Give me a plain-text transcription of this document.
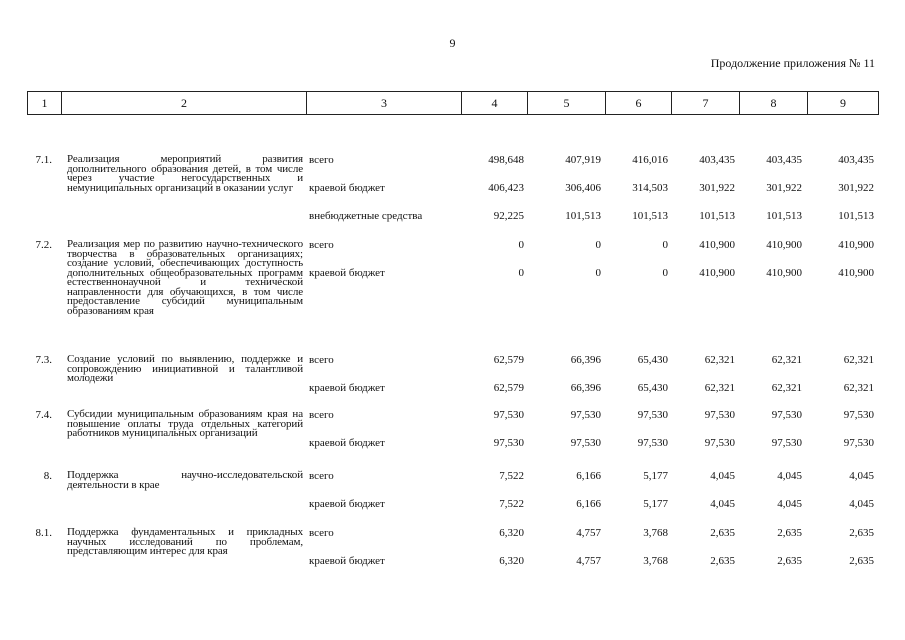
9
Продолжение приложения № 11
1	2	3	4	5	6	7	8	9
7.1. Реализация мероприятий развития дополнительного образования детей, в том числе через участие негосударственных и немуниципальных организаций в оказании услуг
всего	498,648	407,919	416,016	403,435	403,435	403,435
краевой бюджет	406,423	306,406	314,503	301,922	301,922	301,922
внебюджетные средства	92,225	101,513	101,513	101,513	101,513	101,513
7.2. Реализация мер по развитию научно-технического творчества в образовательных организациях; создание условий, обеспечивающих доступность дополнительных общеобразовательных программ естественнонаучной и технической направленности для обучающихся, в том числе предоставление субсидий муниципальным образованиям края
всего	0	0	0	410,900	410,900	410,900
краевой бюджет	0	0	0	410,900	410,900	410,900
7.3. Создание условий по выявлению, поддержке и сопровождению инициативной и талантливой молодежи
всего	62,579	66,396	65,430	62,321	62,321	62,321
краевой бюджет	62,579	66,396	65,430	62,321	62,321	62,321
7.4. Субсидии муниципальным образованиям края на повышение оплаты труда отдельных категорий работников муниципальных организаций
всего	97,530	97,530	97,530	97,530	97,530	97,530
краевой бюджет	97,530	97,530	97,530	97,530	97,530	97,530
8. Поддержка научно-исследовательской деятельности в крае
всего	7,522	6,166	5,177	4,045	4,045	4,045
краевой бюджет	7,522	6,166	5,177	4,045	4,045	4,045
8.1. Поддержка фундаментальных и прикладных научных исследований по проблемам, представляющим интерес для края
всего	6,320	4,757	3,768	2,635	2,635	2,635
краевой бюджет	6,320	4,757	3,768	2,635	2,635	2,635
